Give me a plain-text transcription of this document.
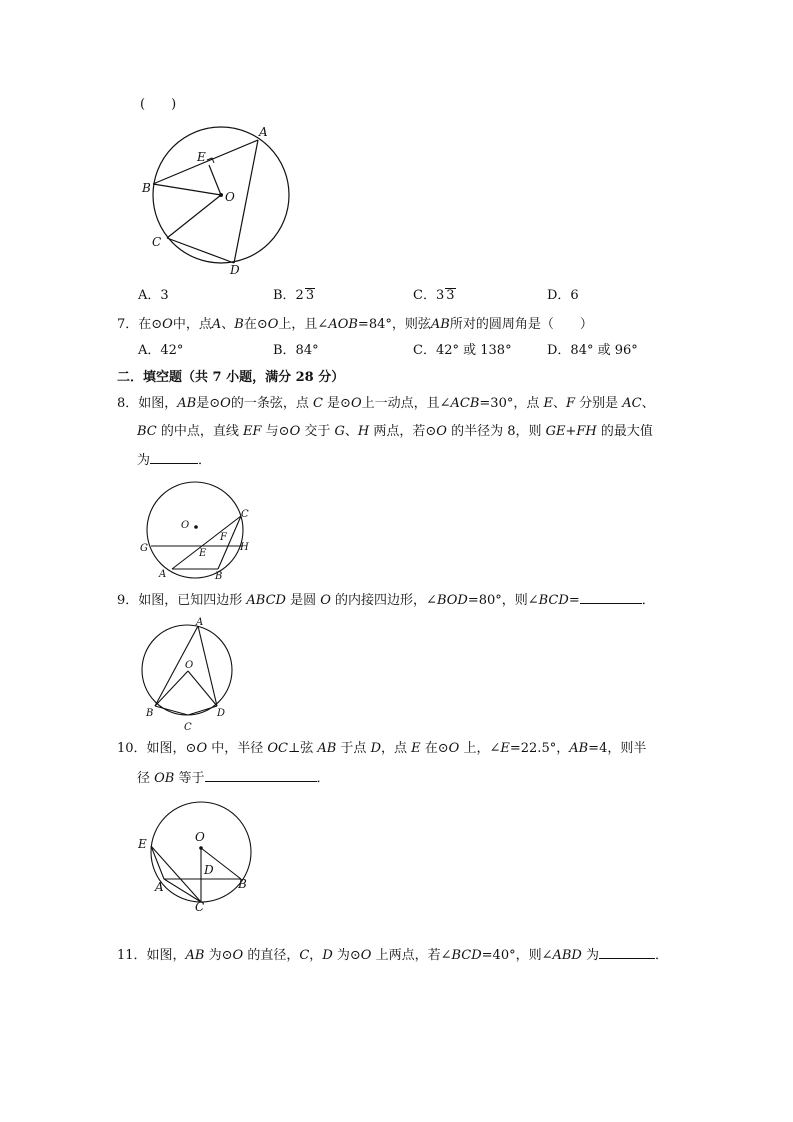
(　　)
A
E
B
O
C
D
A．3	B．2 3	C．3 3	D．6
7．在⊙O中，点A、B在⊙O上，且∠AOB=84°，则弦AB所对的圆周角是（　　）
A．42°	B．84°	C．42° 或 138°	D．84° 或 96°
二．填空题（共 7 小题，满分 28 分）
8．如图，AB是⊙O的一条弦，点 C 是⊙O上一动点，且∠ACB=30°，点 E、F 分别是 AC、
BC 的中点，直线 EF 与⊙O 交于 G、H 两点，若⊙O 的半径为 8，则 GE+FH 的最大值
为	．
O
C
F
G	H
E
A	B
9．如图，已知四边形 ABCD 是圆 O 的内接四边形，∠BOD=80°，则∠BCD=	．
A
O
B
C
D
10．如图，⊙O 中，半径 OC⊥弦 AB 于点 D，点 E 在⊙O 上，∠E=22.5°，AB=4，则半
径 OB 等于	．
O
E
D
A	B
C
11．如图，AB 为⊙O 的直径，C，D 为⊙O 上两点，若∠BCD=40°，则∠ABD 为	．
